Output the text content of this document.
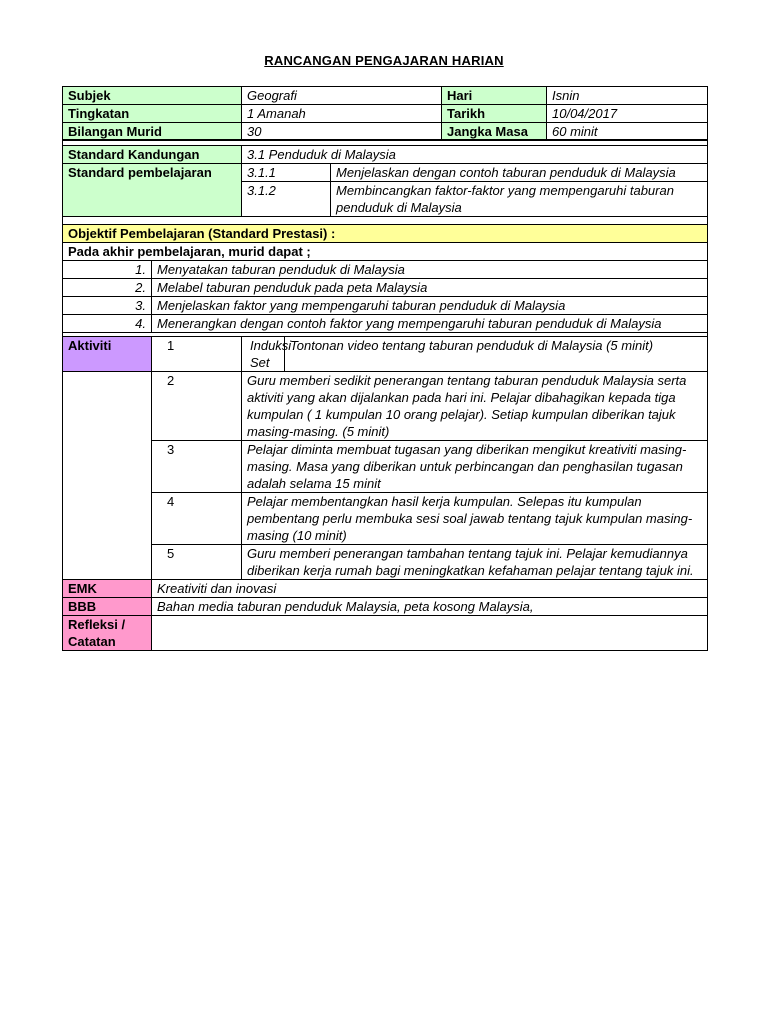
RANCANGAN PENGAJARAN HARIAN
Subjek	Geografi	Hari	Isnin
Tingkatan	1 Amanah	Tarikh	10/04/2017
Bilangan Murid	30	Jangka Masa	60 minit

Standard Kandungan		3.1 Penduduk di Malaysia		
Standard pembelajaran		3.1.1		Menjelaskan dengan contoh taburan penduduk di Malaysia
		3.1.2		Membincangkan faktor-faktor yang mempengaruhi taburan penduduk di Malaysia

Objektif Pembelajaran (Standard Prestasi) :				
Pada akhir pembelajaran, murid dapat ;				
1.	Menyatakan taburan penduduk di Malaysia			
2.	Melabel taburan penduduk pada peta Malaysia			
3.	Menjelaskan faktor yang mempengaruhi taburan penduduk di Malaysia			
4.	Menerangkan dengan contoh faktor yang mempengaruhi taburan penduduk di Malaysia			

Aktiviti	1	Induksi Set	Tontonan video tentang taburan penduduk di Malaysia (5 minit)	
	2	Guru memberi sedikit penerangan tentang taburan penduduk Malaysia serta aktiviti yang akan dijalankan pada hari ini. Pelajar dibahagikan kepada tiga kumpulan ( 1 kumpulan 10 orang pelajar). Setiap kumpulan diberikan tajuk masing-masing. (5 minit)		
	3	Pelajar diminta membuat tugasan yang diberikan mengikut kreativiti masing-masing. Masa yang diberikan untuk perbincangan dan penghasilan tugasan adalah selama 15 minit		
	4	Pelajar membentangkan hasil kerja kumpulan. Selepas itu kumpulan pembentang perlu membuka sesi soal jawab tentang tajuk kumpulan masing-masing (10 minit)		
	5	Guru memberi penerangan tambahan tentang tajuk ini. Pelajar kemudiannya diberikan kerja rumah bagi meningkatkan kefahaman pelajar tentang tajuk ini.		
EMK	Kreativiti dan inovasi			
BBB	Bahan media taburan penduduk Malaysia, peta kosong Malaysia,			
Refleksi / Catatan				
